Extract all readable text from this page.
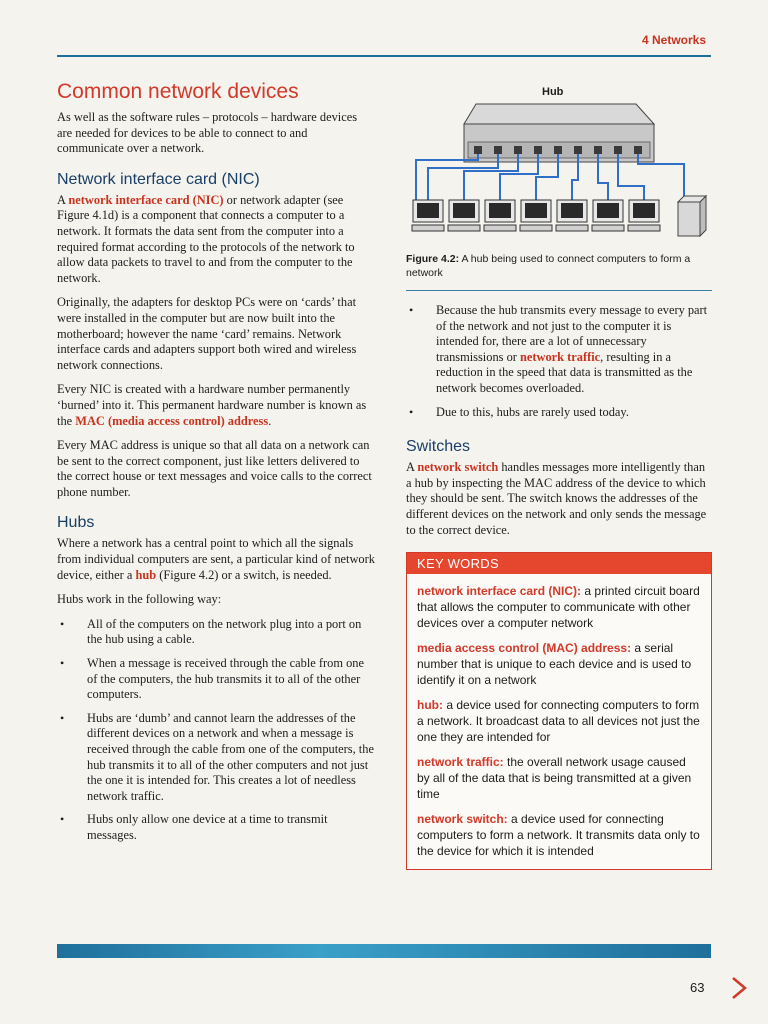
4 Networks
Common network devices

As well as the software rules – protocols – hardware devices are needed for devices to be able to connect to and communicate over a network.

Network interface card (NIC)

A network interface card (NIC) or network adapter (see Figure 4.1d) is a component that connects a computer to a network. It formats the data sent from the computer into a required format according to the protocols of the network to allow data packets to travel to and from the computer to the network.

Originally, the adapters for desktop PCs were on ‘cards’ that were installed in the computer but are now built into the motherboard; however the name ‘card’ remains. Network interface cards and adapters support both wired and wireless network connections.

Every NIC is created with a hardware number permanently ‘burned’ into it. This permanent hardware number is known as the MAC (media access control) address.

Every MAC address is unique so that all data on a network can be sent to the correct component, just like letters delivered to the correct house or text messages and voice calls to the correct phone number.

Hubs

Where a network has a central point to which all the signals from individual computers are sent, a particular kind of network device, either a hub (Figure 4.2) or a switch, is needed.

Hubs work in the following way:

• All of the computers on the network plug into a port on the hub using a cable.
• When a message is received through the cable from one of the computers, the hub transmits it to all of the other computers.
• Hubs are ‘dumb’ and cannot learn the addresses of the different devices on a network and when a message is received through the cable from one of the computers, the hub transmits it to all of the other computers and not just the one it is intended for. This creates a lot of needless network traffic.
• Hubs only allow one device at a time to transmit messages.
Hub
Figure 4.2: A hub being used to connect computers to form a network
• Because the hub transmits every message to every part of the network and not just to the computer it is intended for, there are a lot of unnecessary transmissions or network traffic, resulting in a reduction in the speed that data is transmitted as the network becomes overloaded.
• Due to this, hubs are rarely used today.
Switches

A network switch handles messages more intelligently than a hub by inspecting the MAC address of the device to which they should be sent. The switch knows the addresses of the different devices on the network and only sends the message to the correct device.

KEY WORDS
network interface card (NIC): a printed circuit board that allows the computer to communicate with other devices over a computer network
media access control (MAC) address: a serial number that is unique to each device and is used to identify it on a network
hub: a device used for connecting computers to form a network. It broadcast data to all devices not just the one they are intended for
network traffic: the overall network usage caused by all of the data that is being transmitted at a given time
network switch: a device used for connecting computers to form a network. It transmits data only to the device for which it is intended
63
